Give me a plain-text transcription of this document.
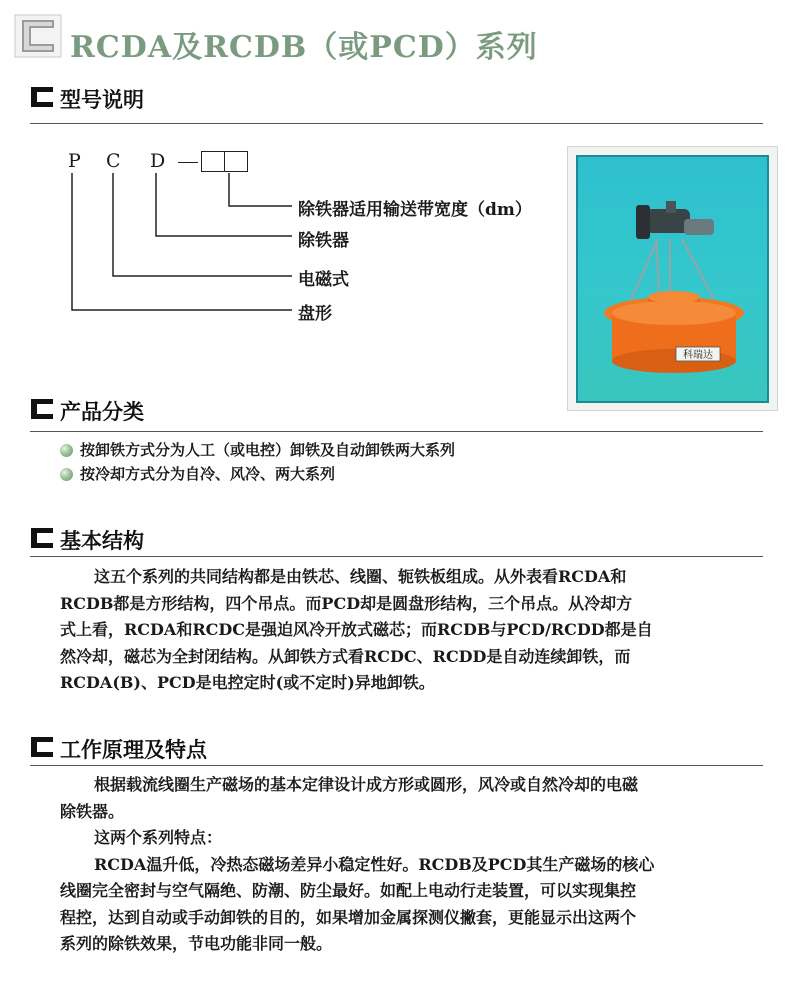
RCDA及RCDB（或PCD）系列
型号说明
P C D
除铁器适用输送带宽度（dm）
除铁器
电磁式
盘形
科瑞达
产品分类
按卸铁方式分为人工（或电控）卸铁及自动卸铁两大系列
按冷却方式分为自冷、风冷、两大系列
基本结构
这五个系列的共同结构都是由铁芯、线圈、轭铁板组成。从外表看RCDA和
RCDB都是方形结构，四个吊点。而PCD却是圆盘形结构，三个吊点。从冷却方
式上看，RCDA和RCDC是强迫风冷开放式磁芯；而RCDB与PCD/RCDD都是自
然冷却，磁芯为全封闭结构。从卸铁方式看RCDC、RCDD是自动连续卸铁，而
RCDA(B)、PCD是电控定时(或不定时)异地卸铁。
工作原理及特点
根据载流线圈生产磁场的基本定律设计成方形或圆形，风冷或自然冷却的电磁
除铁器。
这两个系列特点：
RCDA温升低，冷热态磁场差异小稳定性好。RCDB及PCD其生产磁场的核心
线圈完全密封与空气隔绝、防潮、防尘最好。如配上电动行走装置，可以实现集控
程控，达到自动或手动卸铁的目的，如果增加金属探测仪撇套，更能显示出这两个
系列的除铁效果，节电功能非同一般。
